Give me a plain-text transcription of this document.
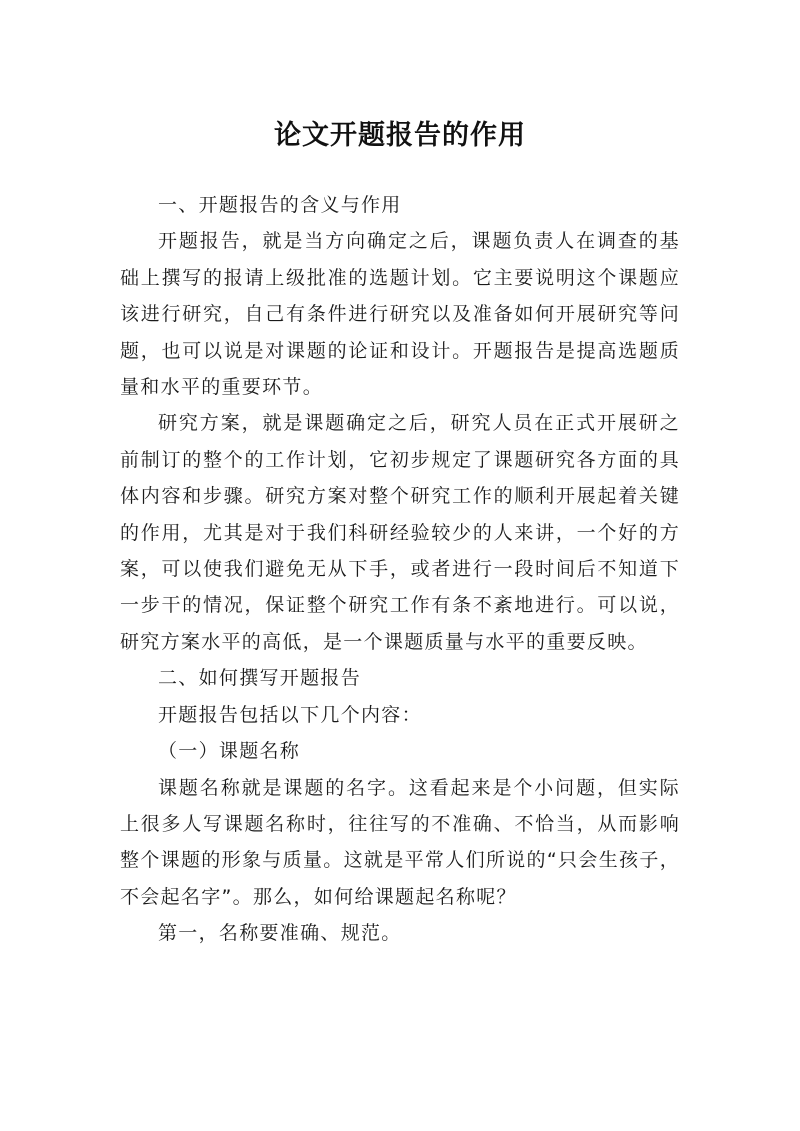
论文开题报告的作用

一、开题报告的含义与作用

开题报告，就是当方向确定之后，课题负责人在调查的基础上撰写的报请上级批准的选题计划。它主要说明这个课题应该进行研究，自己有条件进行研究以及准备如何开展研究等问题，也可以说是对课题的论证和设计。开题报告是提高选题质量和水平的重要环节。

研究方案，就是课题确定之后，研究人员在正式开展研之前制订的整个的工作计划，它初步规定了课题研究各方面的具体内容和步骤。研究方案对整个研究工作的顺利开展起着关键的作用，尤其是对于我们科研经验较少的人来讲，一个好的方案，可以使我们避免无从下手，或者进行一段时间后不知道下一步干的情况，保证整个研究工作有条不紊地进行。可以说，研究方案水平的高低，是一个课题质量与水平的重要反映。

二、如何撰写开题报告

开题报告包括以下几个内容：

（一）课题名称

课题名称就是课题的名字。这看起来是个小问题，但实际上很多人写课题名称时，往往写的不准确、不恰当，从而影响整个课题的形象与质量。这就是平常人们所说的“只会生孩子，不会起名字”。那么，如何给课题起名称呢？

第一，名称要准确、规范。
